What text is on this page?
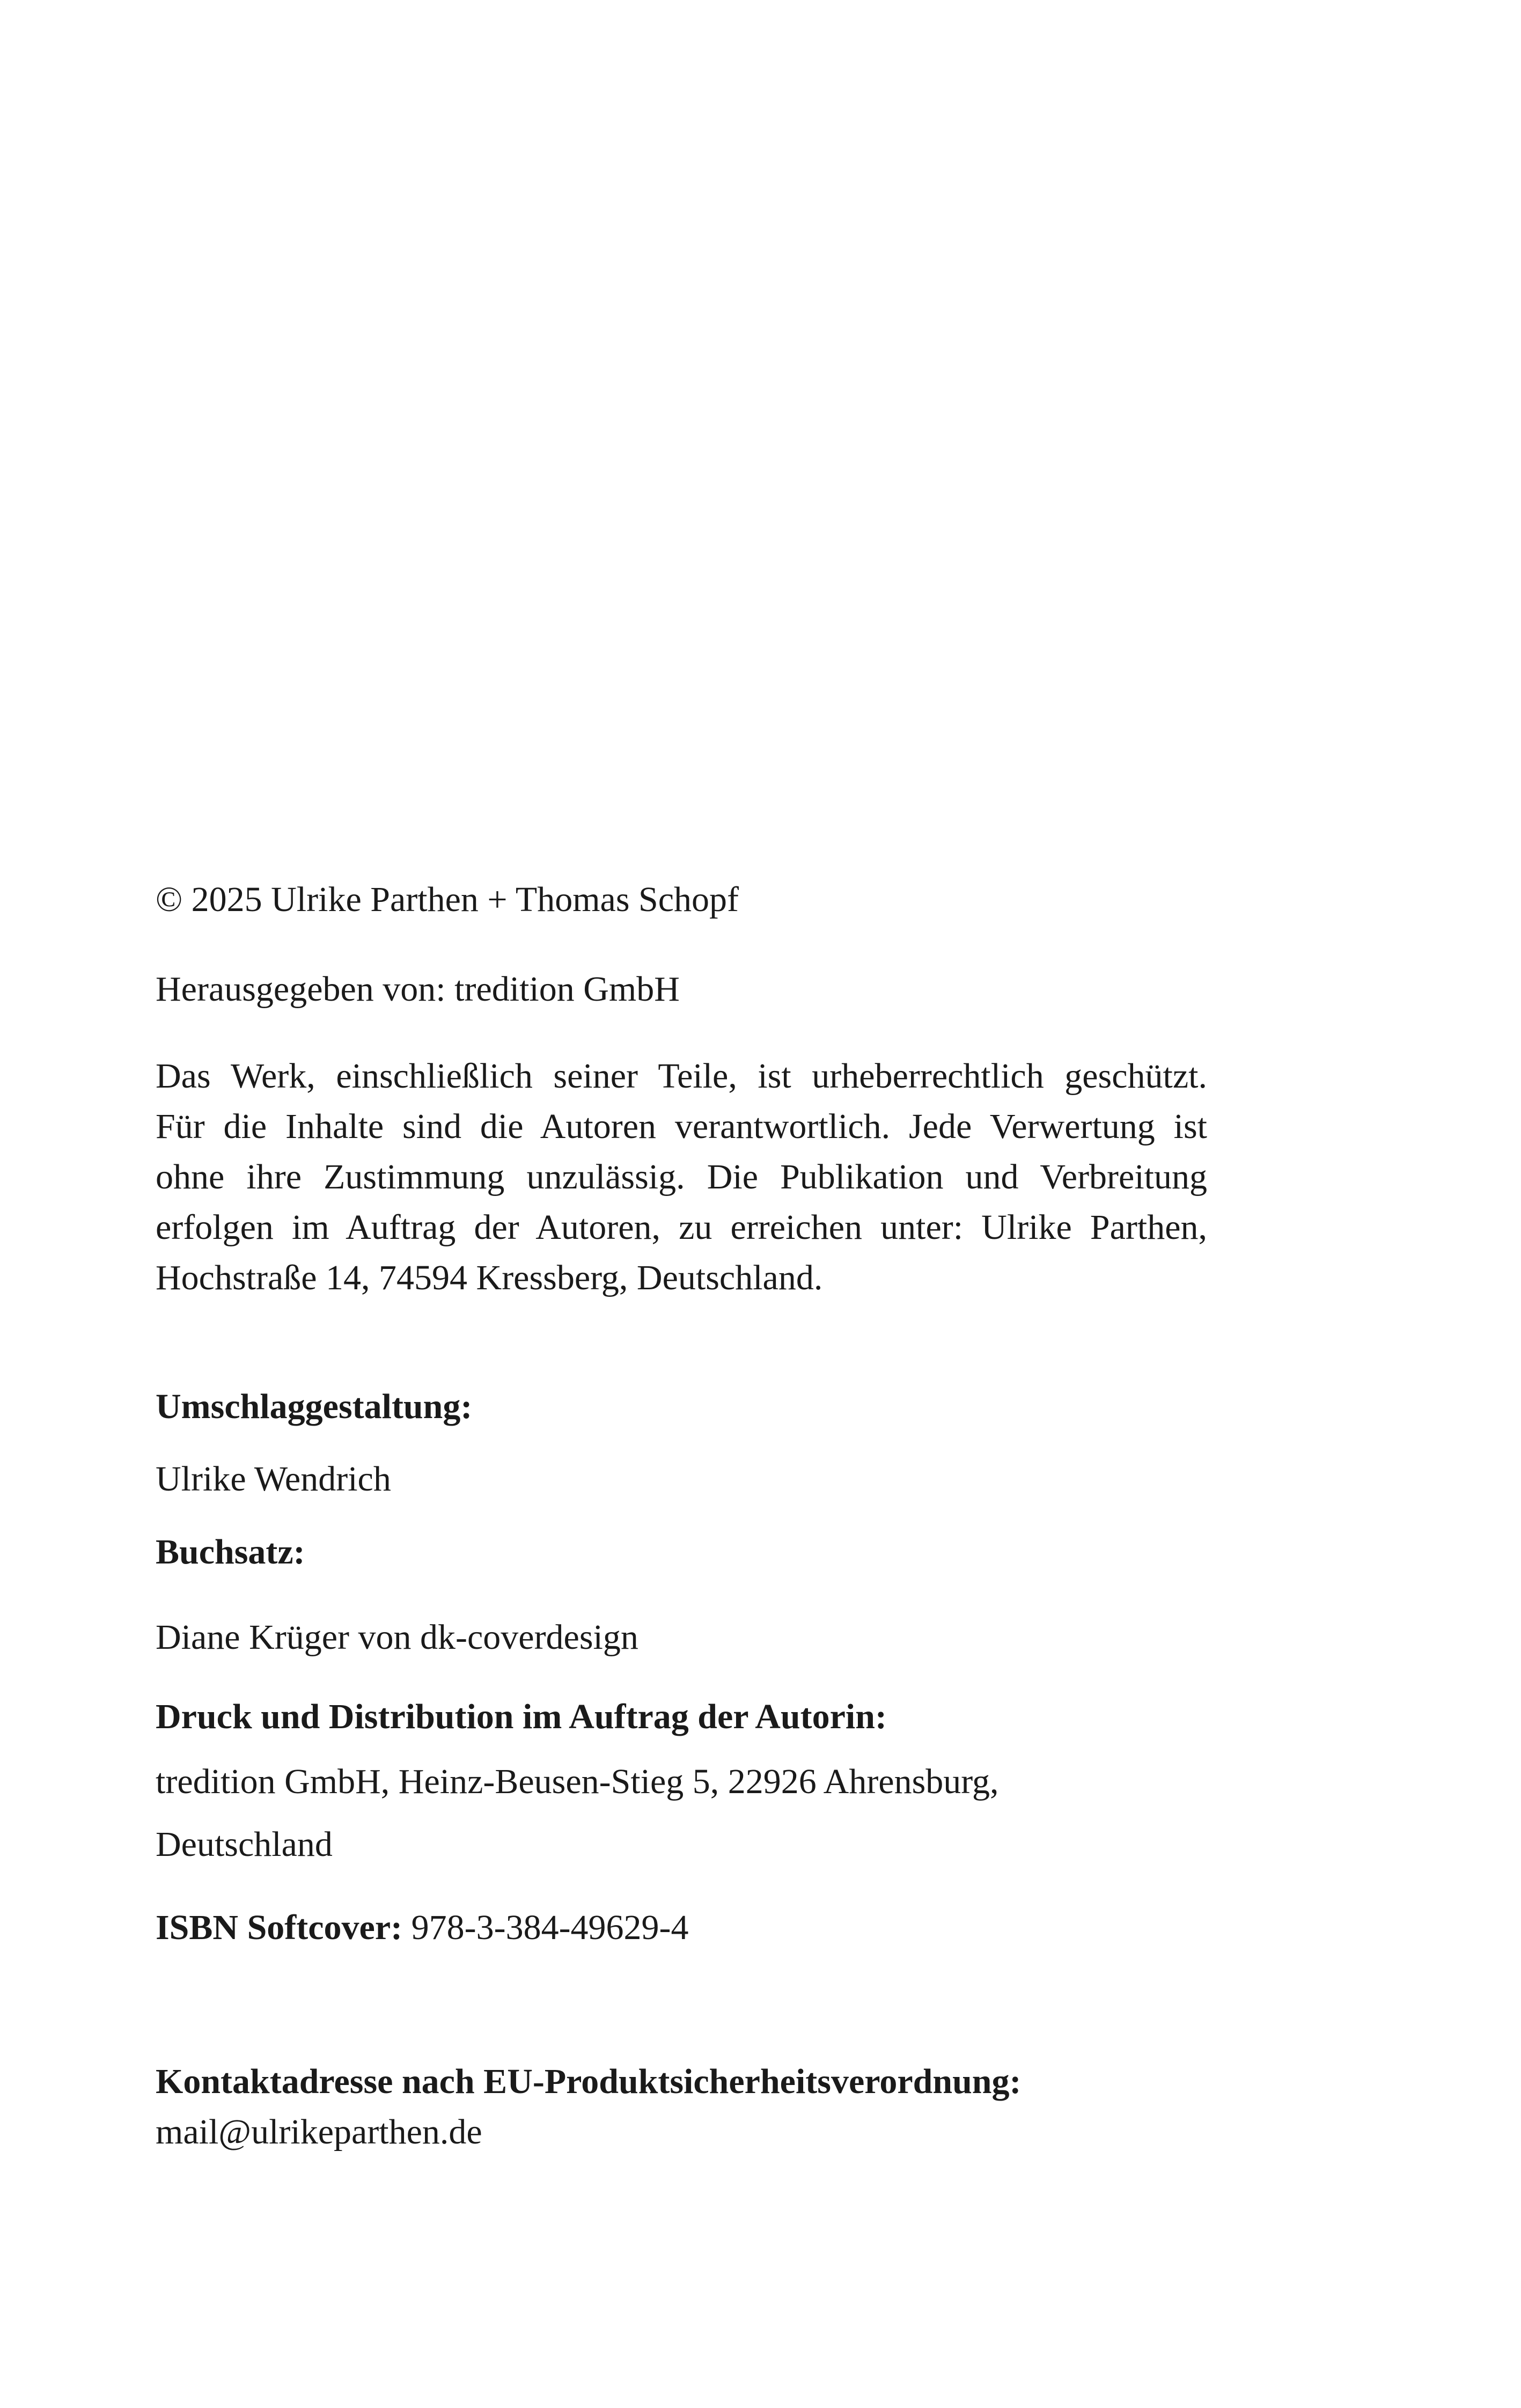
© 2025 Ulrike Parthen + Thomas Schopf
Herausgegeben von: tredition GmbH
Das Werk, einschließlich seiner Teile, ist urheberrechtlich geschützt.
Für die Inhalte sind die Autoren verantwortlich. Jede Verwertung ist
ohne ihre Zustimmung unzulässig. Die Publikation und Verbreitung
erfolgen im Auftrag der Autoren, zu erreichen unter: Ulrike Parthen,
Hochstraße 14, 74594 Kressberg, Deutschland.
Umschlaggestaltung:
Ulrike Wendrich
Buchsatz:
Diane Krüger von dk-coverdesign
Druck und Distribution im Auftrag der Autorin:
tredition GmbH, Heinz-Beusen-Stieg 5, 22926 Ahrensburg,
Deutschland
ISBN Softcover: 978-3-384-49629-4
Kontaktadresse nach EU-Produktsicherheitsverordnung:
mail@ulrikeparthen.de
